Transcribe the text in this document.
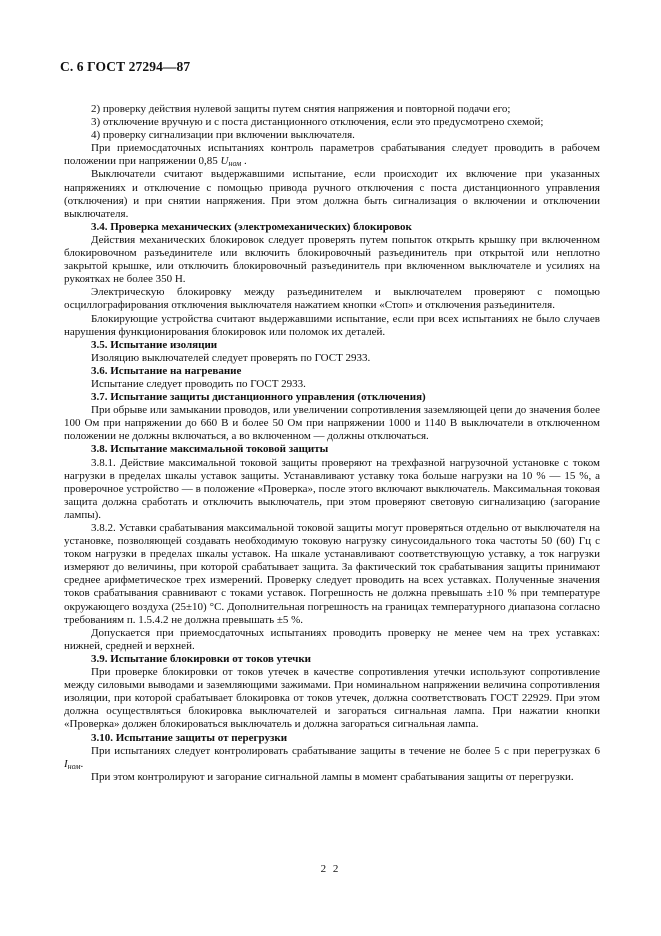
С. 6 ГОСТ 27294—87

2) проверку действия нулевой защиты путем снятия напряжения и повторной подачи его;

3) отключение вручную и с поста дистанционного отключения, если это предусмотрено схемой;

4) проверку сигнализации при включении выключателя.

При приемосдаточных испытаниях контроль параметров срабатывания следует проводить в рабочем положении при напряжении 0,85 $U_{ном}$ .

Выключатели считают выдержавшими испытание, если происходит их включение при указанных напряжениях и отключение с помощью привода ручного отключения с поста дистанционного управления (отключения) и при снятии напряжения. При этом должна быть сигнализация о включении и отключении выключателя.

3.4. Проверка механических (электромеханических) блокировок

Действия механических блокировок следует проверять путем попыток открыть крышку при включенном блокировочном разъединителе или включить блокировочный разъединитель при открытой или неплотно закрытой крышке, или отключить блокировочный разъединитель при включенном выключателе и усилиях на рукоятках не более 350 Н.

Электрическую блокировку между разъединителем и выключателем проверяют с помощью осциллографирования отключения выключателя нажатием кнопки «Стоп» и отключения разъединителя.

Блокирующие устройства считают выдержавшими испытание, если при всех испытаниях не было случаев нарушения функционирования блокировок или поломок их деталей.

3.5. Испытание изоляции

Изоляцию выключателей следует проверять по ГОСТ 2933.

3.6. Испытание на нагревание

Испытание следует проводить по ГОСТ 2933.

3.7. Испытание защиты дистанционного управления (отключения)

При обрыве или замыкании проводов, или увеличении сопротивления заземляющей цепи до значения более 100 Ом при напряжении до 660 В и более 50 Ом при напряжении 1000 и 1140 В выключатели в отключенном положении не должны включаться, а во включенном — должны отключаться.

3.8. Испытание максимальной токовой защиты

3.8.1. Действие максимальной токовой защиты проверяют на трехфазной нагрузочной установке с током нагрузки в пределах шкалы уставок защиты. Устанавливают уставку тока больше нагрузки на 10 % — 15 %, а проверочное устройство — в положение «Проверка», после этого включают выключатель. Максимальная токовая защита должна сработать и отключить выключатель, при этом проверяют световую сигнализацию (загорание лампы).

3.8.2. Уставки срабатывания максимальной токовой защиты могут проверяться отдельно от выключателя на установке, позволяющей создавать необходимую токовую нагрузку синусоидального тока частоты 50 (60) Гц с током нагрузки в пределах шкалы уставок. На шкале устанавливают соответствующую уставку, а ток нагрузки измеряют до величины, при которой срабатывает защита. За фактический ток срабатывания защиты принимают среднее арифметическое трех измерений. Проверку следует проводить на всех уставках. Полученные значения токов срабатывания сравнивают с токами уставок. Погрешность не должна превышать ±10 % при температуре окружающего воздуха (25±10) °С. Дополнительная погрешность на границах температурного диапазона согласно требованиям п. 1.5.4.2 не должна превышать ±5 %.

Допускается при приемосдаточных испытаниях проводить проверку не менее чем на трех уставках: нижней, средней и верхней.

3.9. Испытание блокировки от токов утечки

При проверке блокировки от токов утечек в качестве сопротивления утечки используют сопротивление между силовыми выводами и заземляющими зажимами. При номинальном напряжении величина сопротивления изоляции, при которой срабатывает блокировка от токов утечек, должна соответствовать ГОСТ 22929. При этом должна осуществляться блокировка выключателей и загораться сигнальная лампа. При нажатии кнопки «Проверка» должен блокироваться выключатель и должна загораться сигнальная лампа.

3.10. Испытание защиты от перегрузки

При испытаниях следует контролировать срабатывание защиты в течение не более 5 с при перегрузках 6 $I_{ном}$.

При этом контролируют и загорание сигнальной лампы в момент срабатывания защиты от перегрузки.

2 2
